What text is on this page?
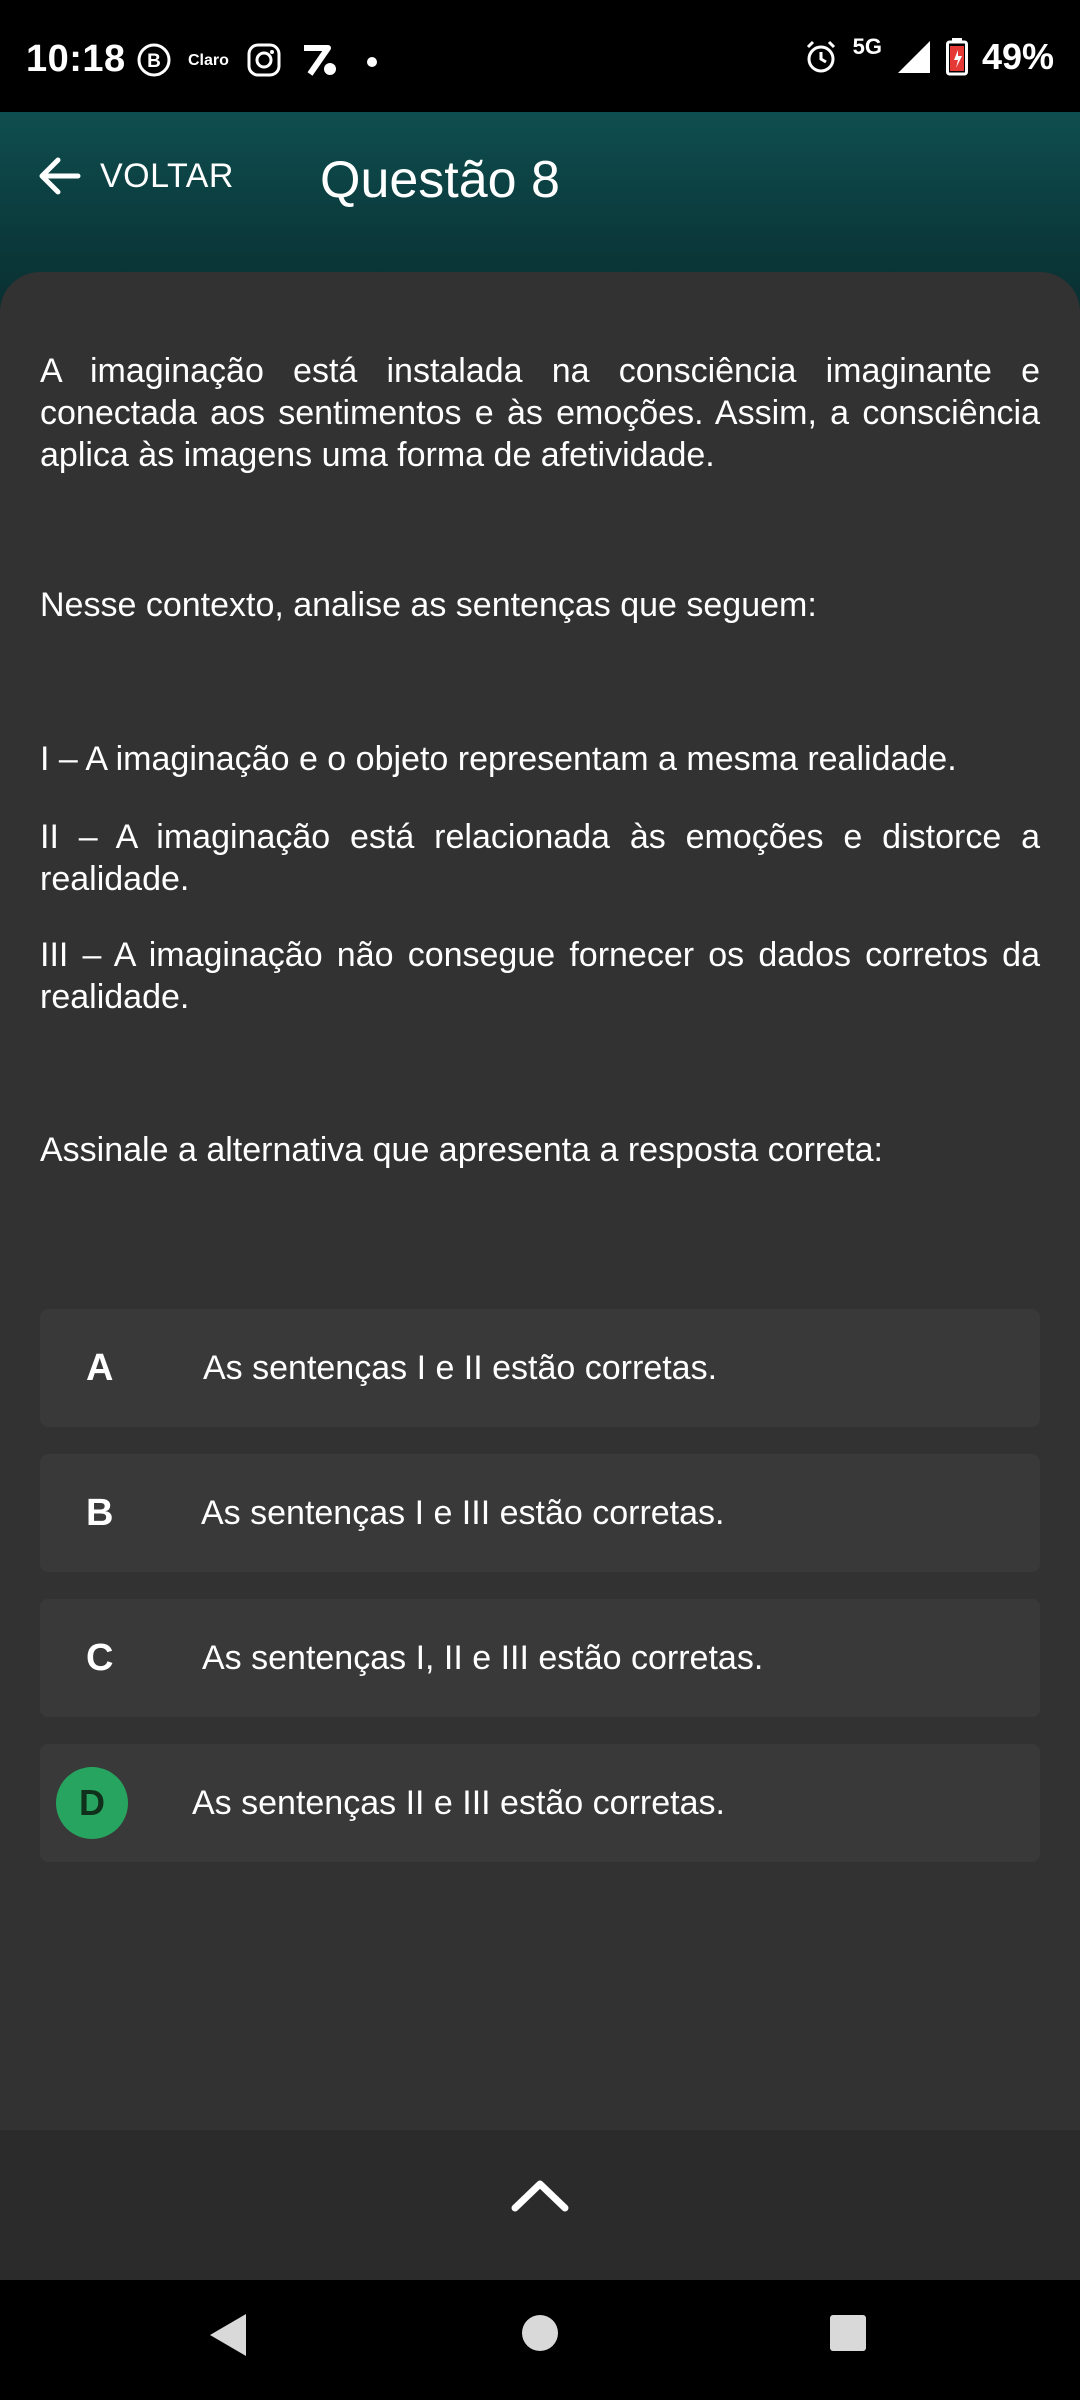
10:18 B Claro
5G	49%
VOLTAR Questão 8
A imaginação está instalada na consciência imaginante e conectada aos sentimentos e às emoções. Assim, a consciência aplica às imagens uma forma de afetividade.
Nesse contexto, analise as sentenças que seguem:
I – A imaginação e o objeto representam a mesma realidade.
II – A imaginação está relacionada às emoções e distorce a realidade.
III – A imaginação não consegue fornecer os dados corretos da realidade.
Assinale a alternativa que apresenta a resposta correta:
A	As sentenças I e II estão corretas.
B	As sentenças I e III estão corretas.
C	As sentenças I, II e III estão corretas.
D	As sentenças II e III estão corretas.
